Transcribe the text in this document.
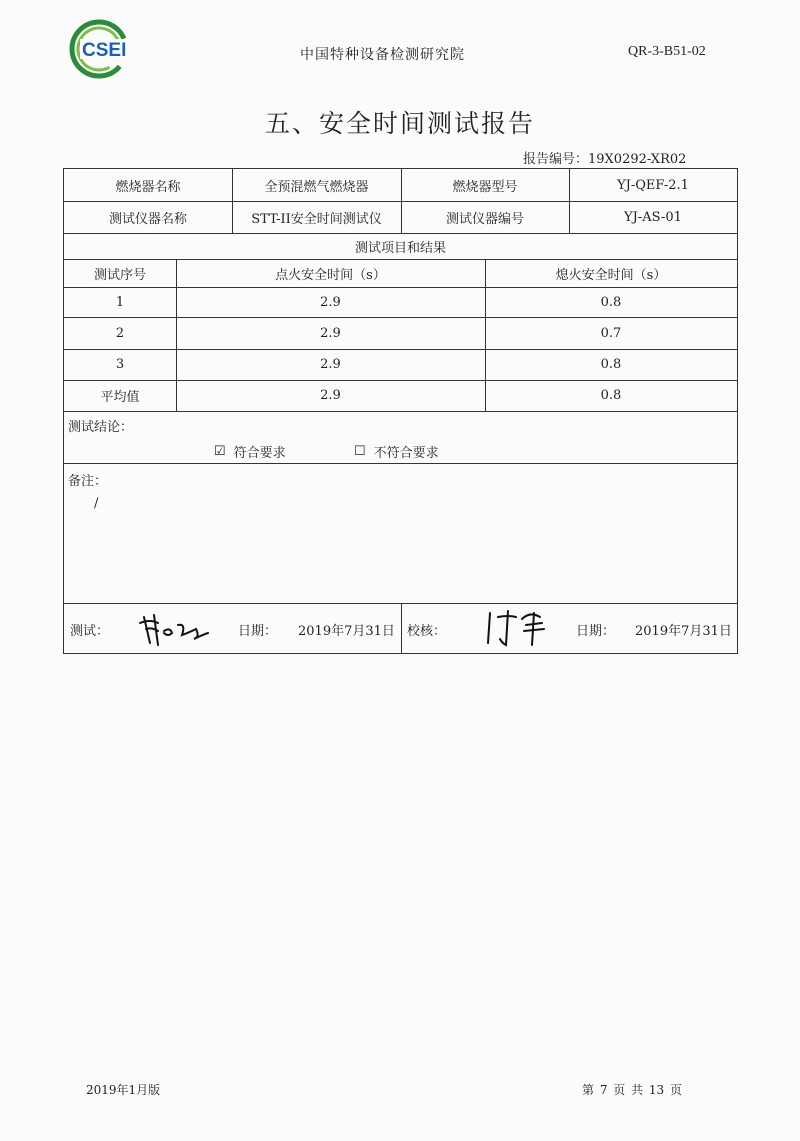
CSEI	中国特种设备检测研究院	QR-3-B51-02
五、安全时间测试报告
报告编号：19X0292-XR02
燃烧器名称	全预混燃气燃烧器	燃烧器型号	YJ-QEF-2.1
测试仪器名称	STT-II安全时间测试仪	测试仪器编号	YJ-AS-01
测试项目和结果
测试序号	点火安全时间（s）	熄火安全时间（s）
1	2.9	0.8
2	2.9	0.7
3	2.9	0.8
平均值	2.9	0.8
测试结论：
☑ 符合要求	☐ 不符合要求
备注：
/
测试：	日期： 2019年7月31日 校核：	日期： 2019年7月31日
2019年1月版	第 7 页 共 13 页
